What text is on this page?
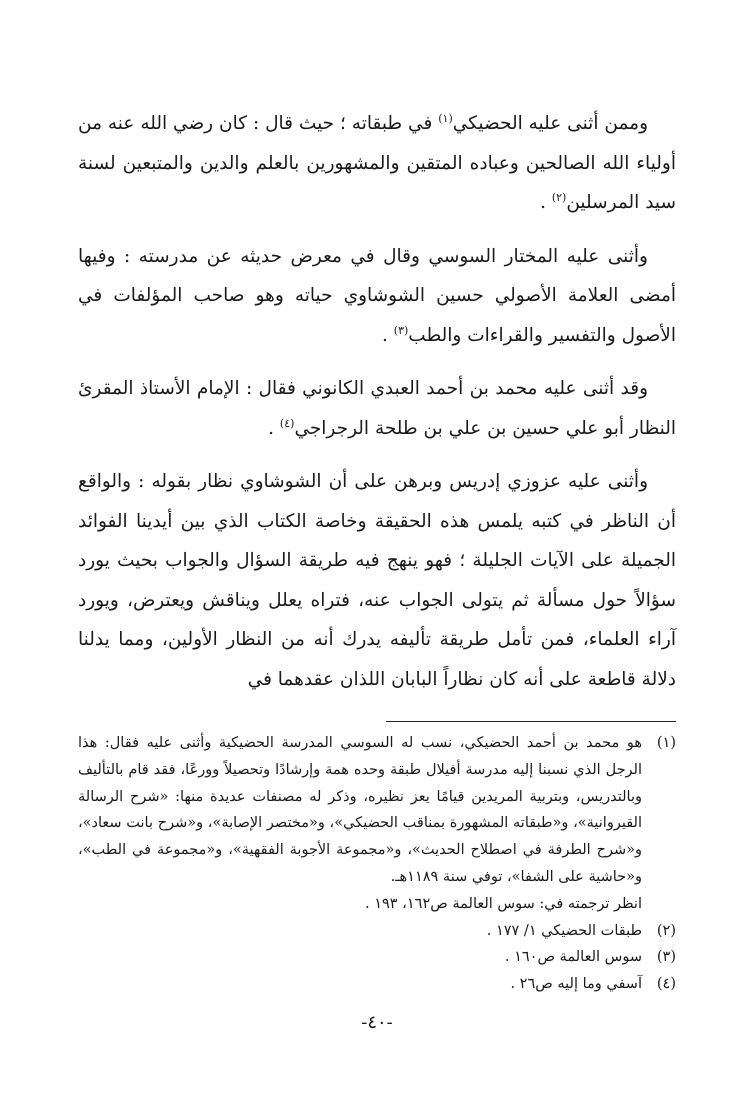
وممن أثنى عليه الحضيكي$^{(١)}$ في طبقاته ؛ حيث قال : كان رضي الله عنه من أولياء الله الصالحين وعباده المتقين والمشهورين بالعلم والدين والمتبعين لسنة سيد المرسلين$^{(٢)}$ .

وأثنى عليه المختار السوسي وقال في معرض حديثه عن مدرسته : وفيها أمضى العلامة الأصولي حسين الشوشاوي حياته وهو صاحب المؤلفات في الأصول والتفسير والقراءات والطب$^{(٣)}$ .

وقد أثنى عليه محمد بن أحمد العبدي الكانوني فقال : الإمام الأستاذ المقرئ النظار أبو علي حسين بن علي بن طلحة الرجراجي$^{(٤)}$ .

وأثنى عليه عزوزي إدريس وبرهن على أن الشوشاوي نظار بقوله : والواقع أن الناظر في كتبه يلمس هذه الحقيقة وخاصة الكتاب الذي بين أيدينا الفوائد الجميلة على الآيات الجليلة ؛ فهو ينهج فيه طريقة السؤال والجواب بحيث يورد سؤالاً حول مسألة ثم يتولى الجواب عنه، فتراه يعلل ويناقش ويعترض، ويورد آراء العلماء، فمن تأمل طريقة تأليفه يدرك أنه من النظار الأولين، ومما يدلنا دلالة قاطعة على أنه كان نظاراً البابان اللذان عقدهما في

(١)
هو محمد بن أحمد الحضيكي، نسب له السوسي المدرسة الحضيكية وأثنى عليه فقال: هذا الرجل الذي نسبنا إليه مدرسة أفيلال طبقة وحده همة وإرشادًا وتحصيلاً وورعًا، فقد قام بالتأليف وبالتدريس، وبتربية المريدين قيامًا يعز نظيره، وذكر له مصنفات عديدة منها: «شرح الرسالة القيروانية»، و«طبقاته المشهورة بمناقب الحضيكي»، و«مختصر الإصابة»، و«شرح بانت سعاد»، و«شرح الطرفة في اصطلاح الحديث»، و«مجموعة الأجوبة الفقهية»، و«مجموعة في الطب»، و«حاشية على الشفا»، توفي سنة ١١٨٩هـ.
انظر ترجمته في: سوس العالمة ص١٦٢، ١٩٣ .
(٢)
طبقات الحضيكي ١/ ١٧٧ .
(٣)
سوس العالمة ص١٦٠ .
(٤)
آسفي وما إليه ص٢٦ .
-٤٠-
